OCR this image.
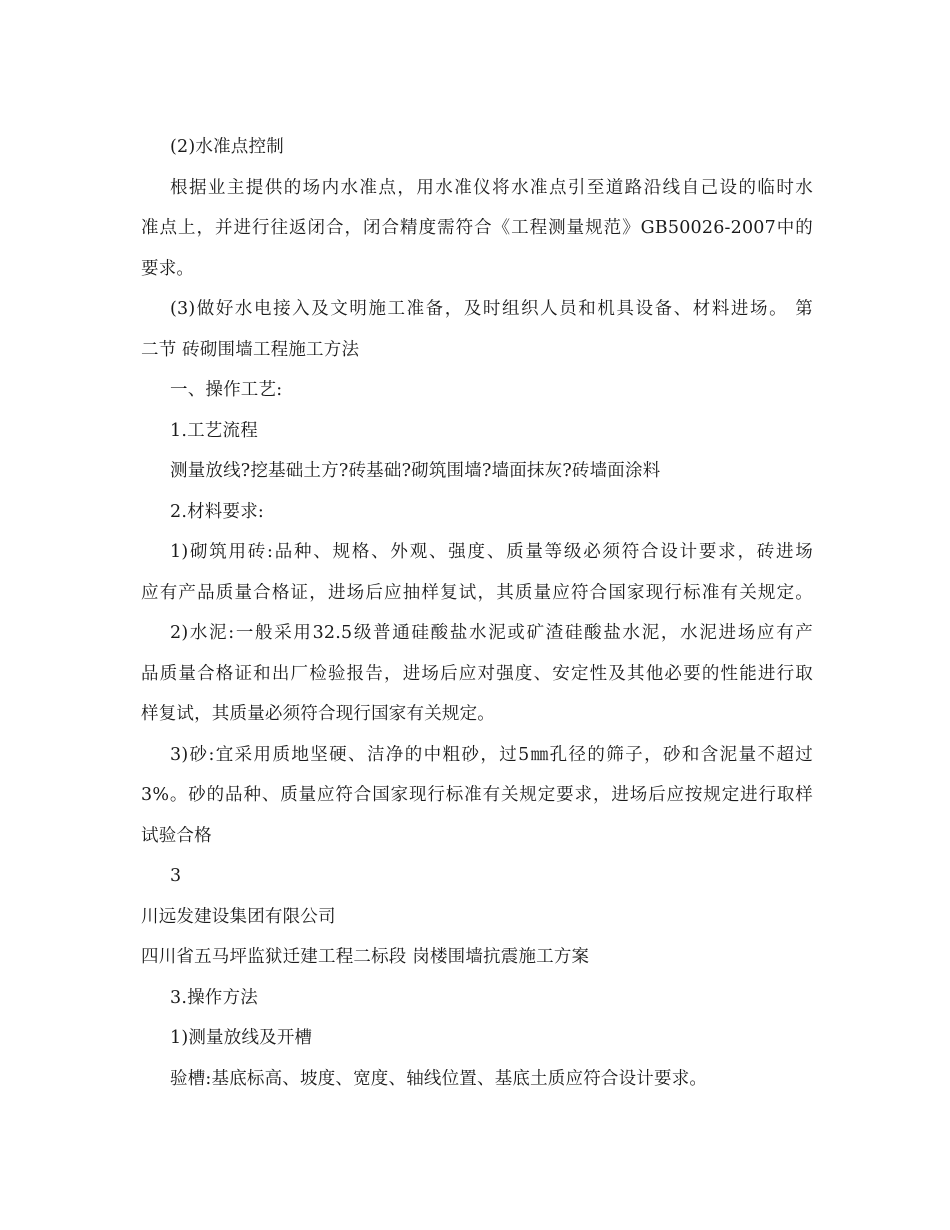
(2)水准点控制
根据业主提供的场内水准点，用水准仪将水准点引至道路沿线自己设的临时水
准点上，并进行往返闭合，闭合精度需符合《工程测量规范》GB50026-2007中的
要求。
(3)做好水电接入及文明施工准备，及时组织人员和机具设备、材料进场。 第
二节 砖砌围墙工程施工方法
一、操作工艺:
1.工艺流程
测量放线?挖基础土方?砖基础?砌筑围墙?墙面抹灰?砖墙面涂料
2.材料要求:
1)砌筑用砖:品种、规格、外观、强度、质量等级必须符合设计要求，砖进场
应有产品质量合格证，进场后应抽样复试，其质量应符合国家现行标准有关规定。
2)水泥:一般采用32.5级普通硅酸盐水泥或矿渣硅酸盐水泥，水泥进场应有产
品质量合格证和出厂检验报告，进场后应对强度、安定性及其他必要的性能进行取
样复试，其质量必须符合现行国家有关规定。
3)砂:宜采用质地坚硬、洁净的中粗砂，过5㎜孔径的筛子，砂和含泥量不超过
3%。砂的品种、质量应符合国家现行标准有关规定要求，进场后应按规定进行取样
试验合格
3
川远发建设集团有限公司
四川省五马坪监狱迁建工程二标段 岗楼围墙抗震施工方案
3.操作方法
1)测量放线及开槽
验槽:基底标高、坡度、宽度、轴线位置、基底土质应符合设计要求。
